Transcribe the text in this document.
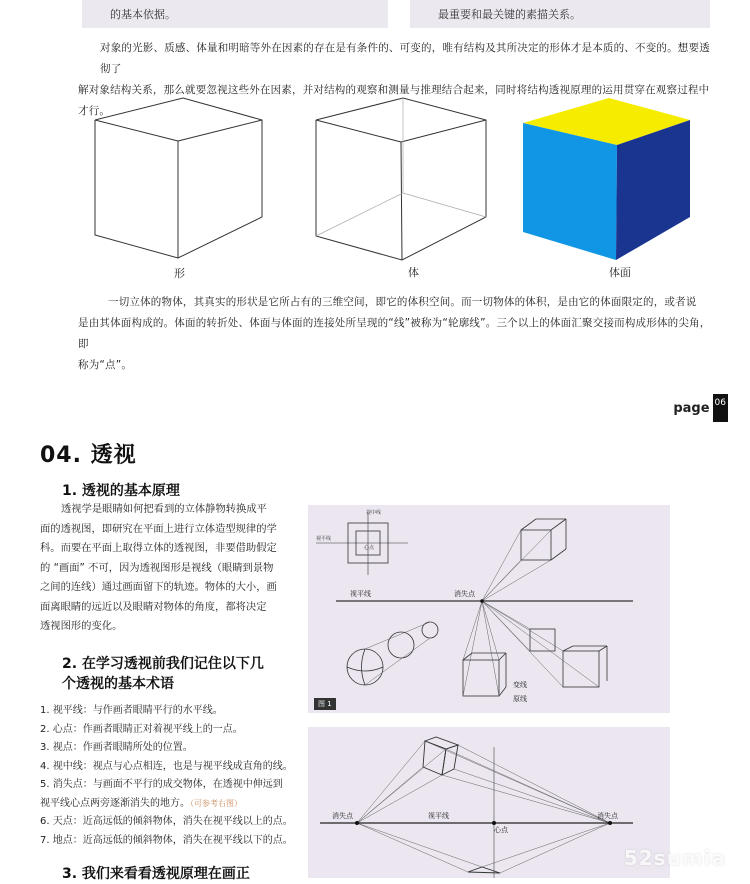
的基本依据。	最重要和最关键的素描关系。
对象的光影、质感、体量和明暗等外在因素的存在是有条件的、可变的，唯有结构及其所决定的形体才是本质的、不变的。想要透彻了
解对象结构关系，那么就要忽视这些外在因素，并对结构的观察和测量与推理结合起来，同时将结构透视原理的运用贯穿在观察过程中才行。
形	体	体面
一切立体的物体，其真实的形状是它所占有的三维空间，即它的体积空间。而一切物体的体积，是由它的体面限定的，或者说
是由其体面构成的。体面的转折处、体面与体面的连接处所呈现的“线”被称为“轮廓线”。三个以上的体面汇聚交接而构成形体的尖角，即
称为“点”。
page 06
04. 透视
1. 透视的基本原理
透视学是眼睛如何把看到的立体静物转换成平
面的透视图，即研究在平面上进行立体造型规律的学
科。而要在平面上取得立体的透视图，非要借助假定
的 “画面” 不可，因为透视图形是视线（眼睛到景物
之间的连线）通过画面留下的轨迹。物体的大小，画
面离眼睛的远近以及眼睛对物体的角度，都将决定
透视图形的变化。
2. 在学习透视前我们记住以下几
个透视的基本术语
1. 视平线：与作画者眼睛平行的水平线。
2. 心点：作画者眼睛正对着视平线上的一点。
3. 视点：作画者眼睛所处的位置。
4. 视中线：视点与心点相连，也是与视平线成直角的线。
5. 消失点：与画面不平行的成交物体，在透视中伸远到
视平线心点两旁逐渐消失的地方。（可参考右图）
6. 天点：近高远低的倾斜物体，消失在视平线以上的点。
7. 地点：近高远低的倾斜物体，消失在视平线以下的点。
3. 我们来看看透视原理在画正
视中线
视平线
心点
视平线	消失点
变线
原线
图 1
消失点	视平线
心点
消失点
52sumia
